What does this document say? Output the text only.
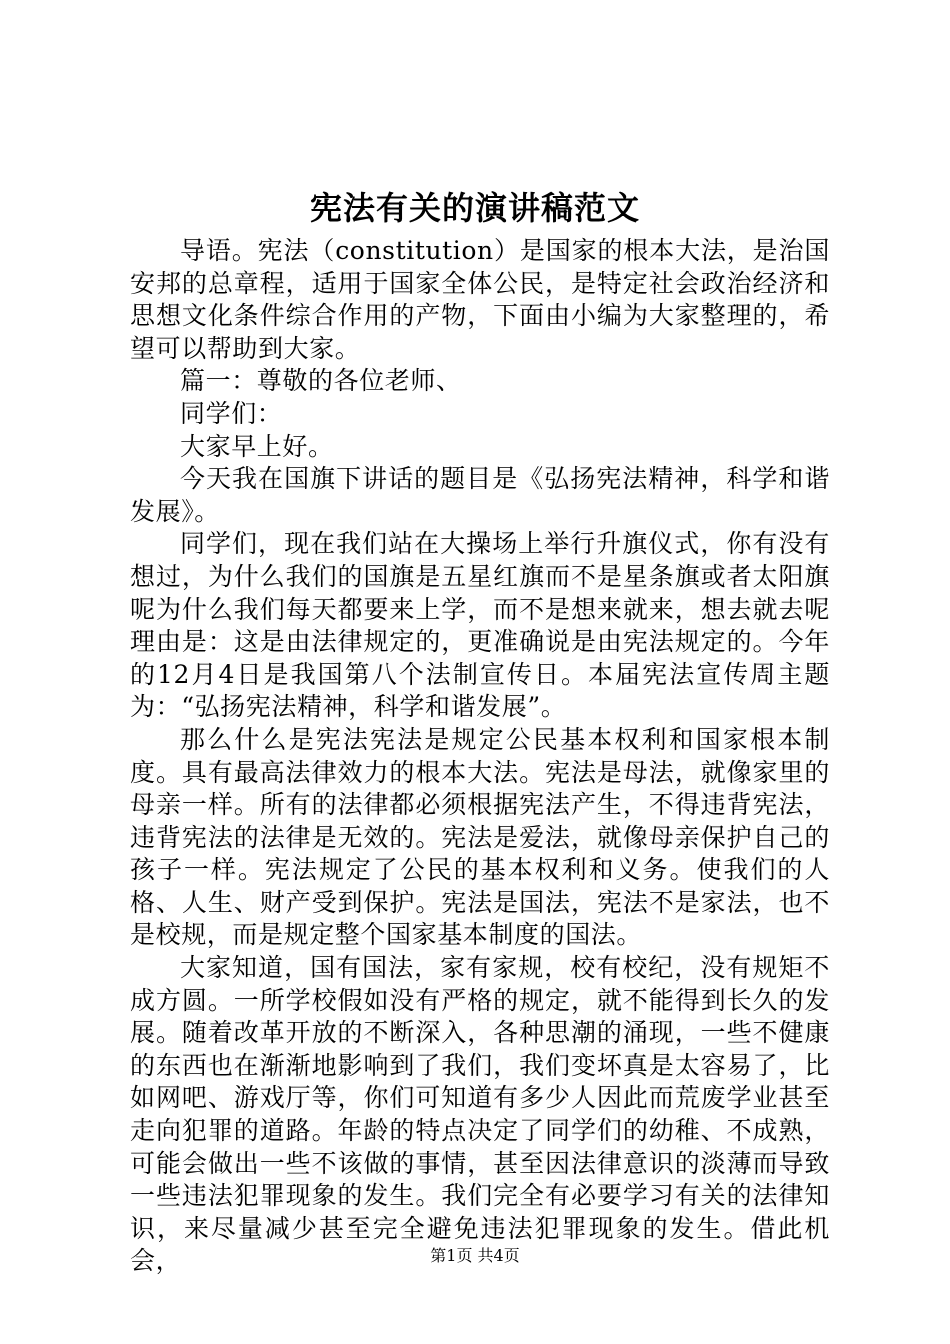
宪法有关的演讲稿范文

导语。宪法（constitution）是国家的根本大法，是治国安邦的总章程，适用于国家全体公民，是特定社会政治经济和思想文化条件综合作用的产物，下面由小编为大家整理的，希望可以帮助到大家。

篇一：尊敬的各位老师、

同学们：

大家早上好。

今天我在国旗下讲话的题目是《弘扬宪法精神，科学和谐发展》。

同学们，现在我们站在大操场上举行升旗仪式，你有没有想过，为什么我们的国旗是五星红旗而不是星条旗或者太阳旗呢为什么我们每天都要来上学，而不是想来就来，想去就去呢理由是：这是由法律规定的，更准确说是由宪法规定的。今年的12月4日是我国第八个法制宣传日。本届宪法宣传周主题为：“弘扬宪法精神，科学和谐发展”。

那么什么是宪法宪法是规定公民基本权利和国家根本制度。具有最高法律效力的根本大法。宪法是母法，就像家里的母亲一样。所有的法律都必须根据宪法产生，不得违背宪法，违背宪法的法律是无效的。宪法是爱法，就像母亲保护自己的孩子一样。宪法规定了公民的基本权利和义务。使我们的人格、人生、财产受到保护。宪法是国法，宪法不是家法，也不是校规，而是规定整个国家基本制度的国法。

大家知道，国有国法，家有家规，校有校纪，没有规矩不成方圆。一所学校假如没有严格的规定，就不能得到长久的发展。随着改革开放的不断深入，各种思潮的涌现，一些不健康的东西也在渐渐地影响到了我们，我们变坏真是太容易了，比如网吧、游戏厅等，你们可知道有多少人因此而荒废学业甚至走向犯罪的道路。年龄的特点决定了同学们的幼稚、不成熟，可能会做出一些不该做的事情，甚至因法律意识的淡薄而导致一些违法犯罪现象的发生。我们完全有必要学习有关的法律知识，来尽量减少甚至完全避免违法犯罪现象的发生。借此机会，	第1页 共4页
